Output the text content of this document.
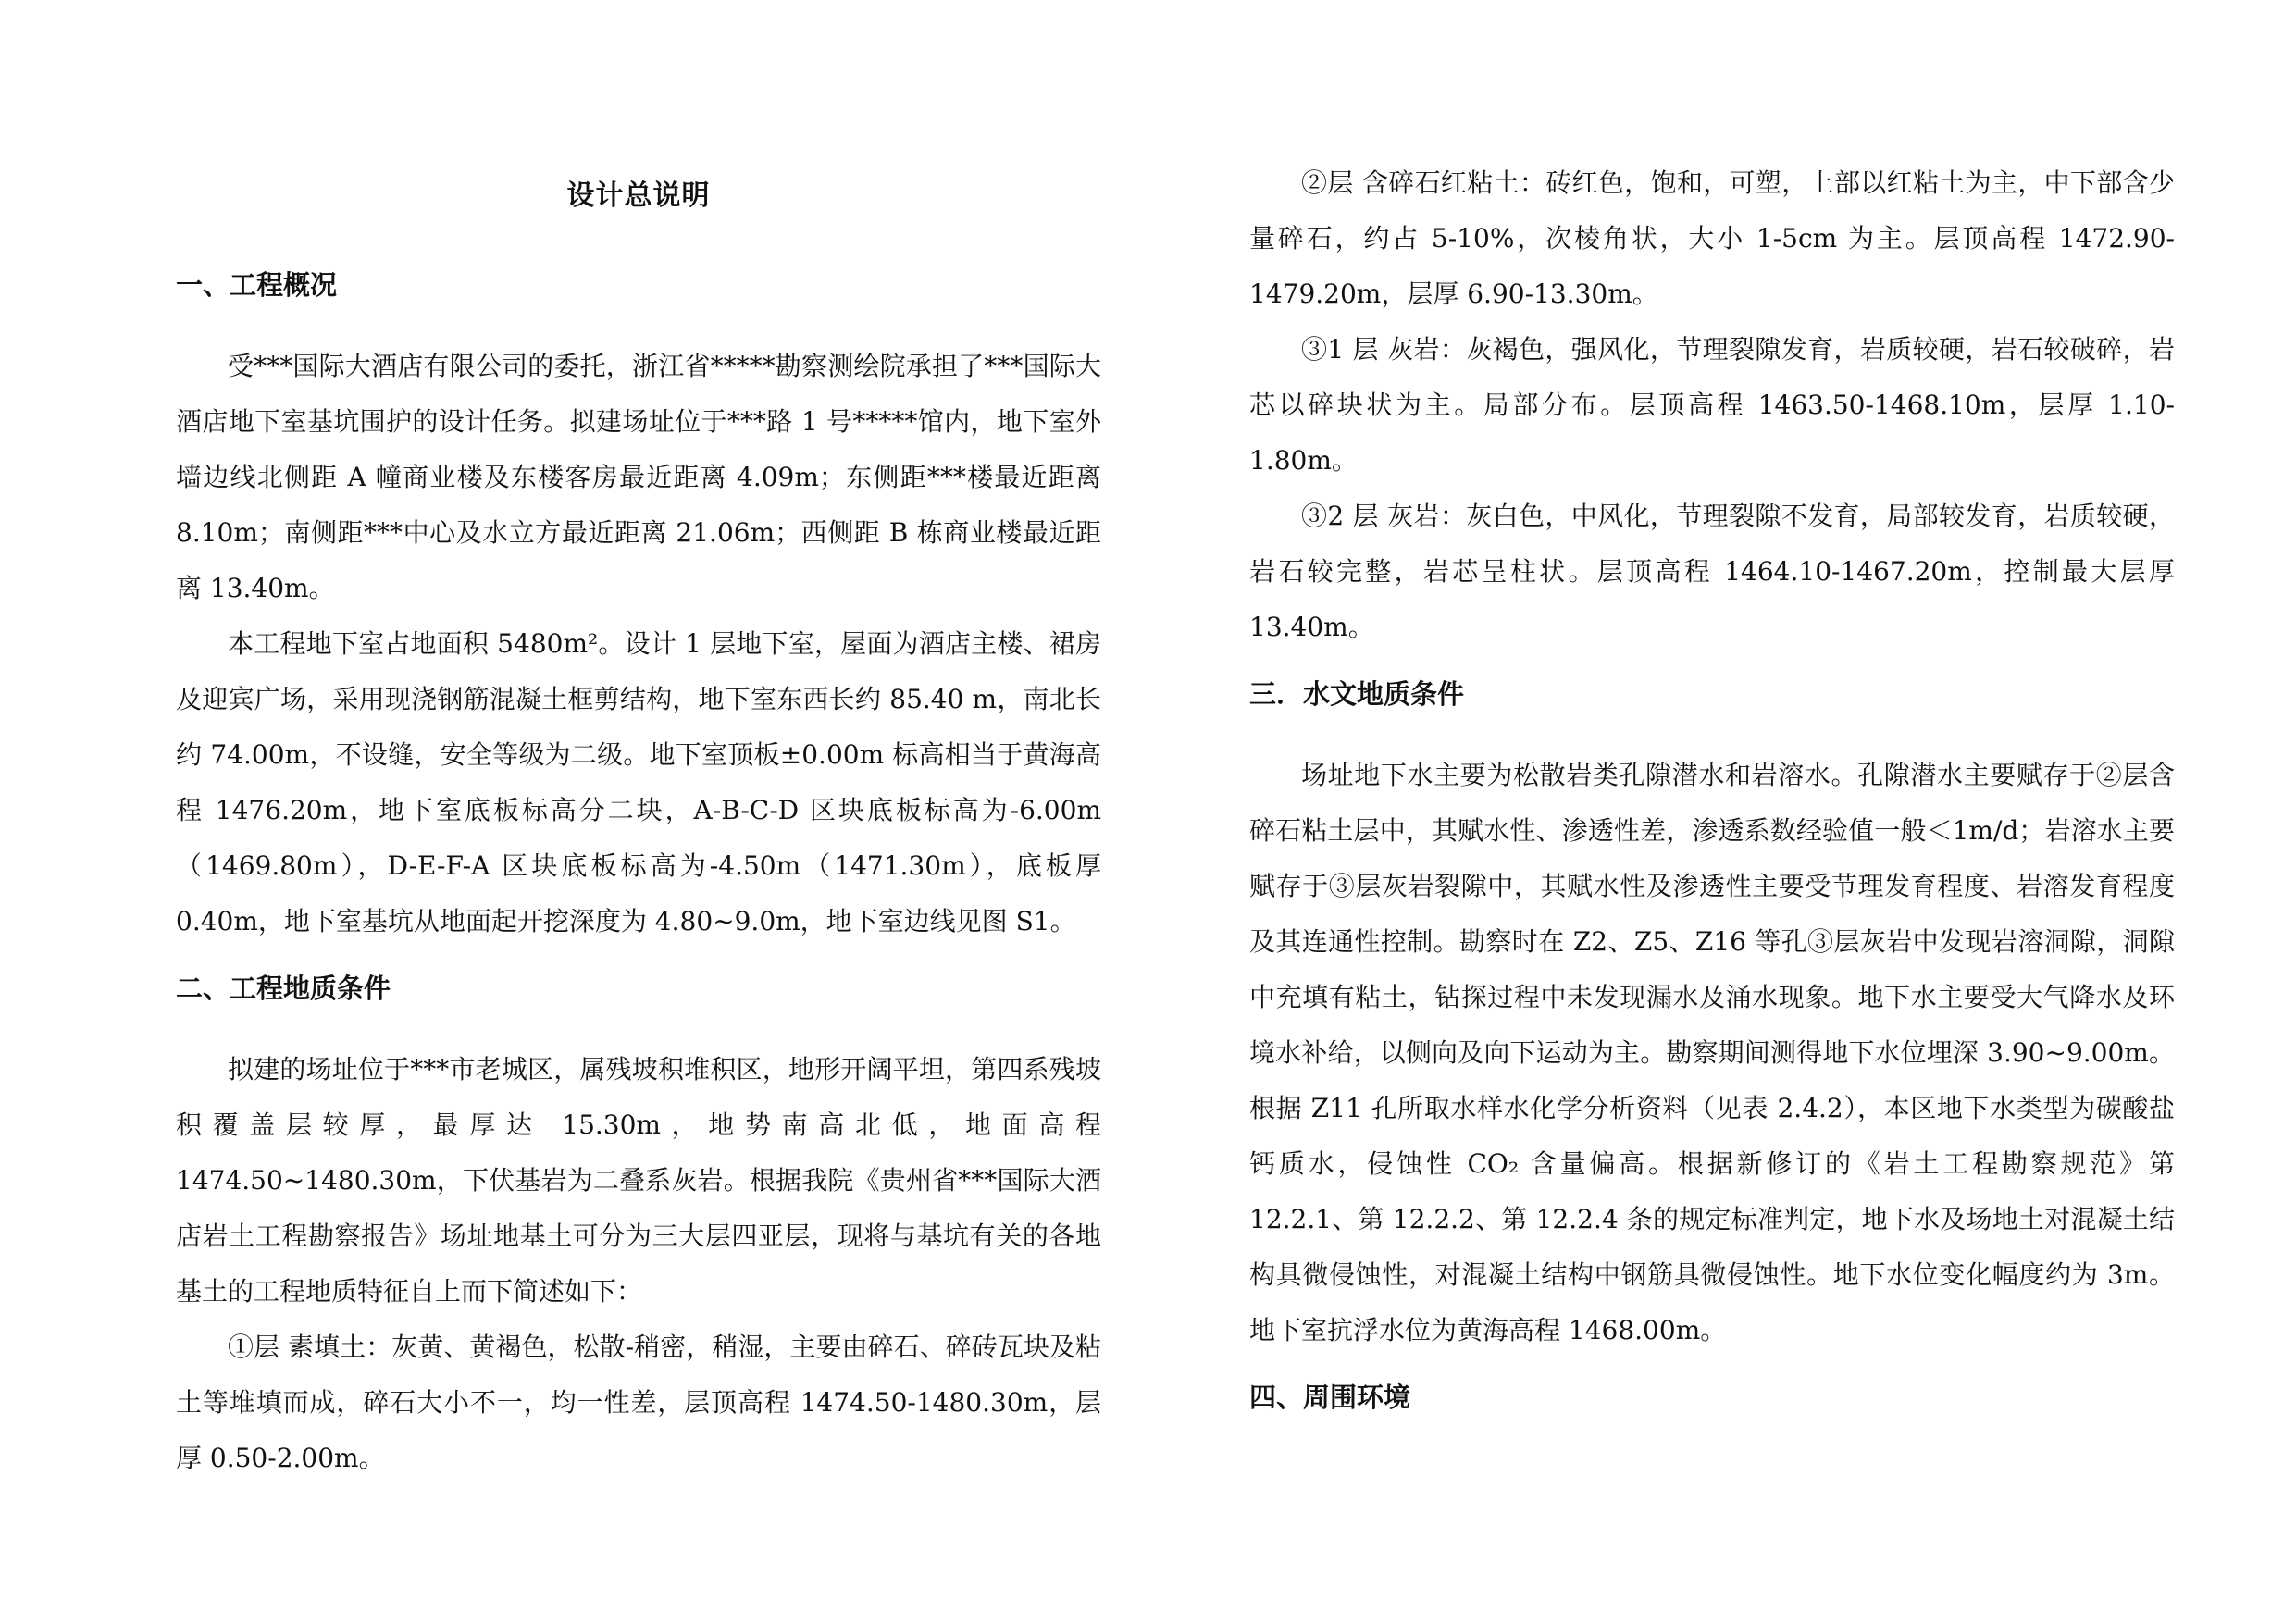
设计总说明
一、工程概况

受***国际大酒店有限公司的委托，浙江省*****勘察测绘院承担了***国际大酒店地下室基坑围护的设计任务。拟建场址位于***路 1 号*****馆内，地下室外墙边线北侧距 A 幢商业楼及东楼客房最近距离 4.09m；东侧距***楼最近距离 8.10m；南侧距***中心及水立方最近距离 21.06m；西侧距 B 栋商业楼最近距离 13.40m。

本工程地下室占地面积 5480m²。设计 1 层地下室，屋面为酒店主楼、裙房及迎宾广场，采用现浇钢筋混凝土框剪结构，地下室东西长约 85.40 m，南北长约 74.00m，不设缝，安全等级为二级。地下室顶板±0.00m 标高相当于黄海高程 1476.20m，地下室底板标高分二块，A-B-C-D 区块底板标高为-6.00m（1469.80m），D-E-F-A 区块底板标高为-4.50m（1471.30m），底板厚 0.40m，地下室基坑从地面起开挖深度为 4.80~9.0m，地下室边线见图 S1。

二、工程地质条件

拟建的场址位于***市老城区，属残坡积堆积区，地形开阔平坦，第四系残坡积覆盖层较厚，最厚达 15.30m，地势南高北低，地面高程 1474.50~1480.30m，下伏基岩为二叠系灰岩。根据我院《贵州省***国际大酒店岩土工程勘察报告》场址地基土可分为三大层四亚层，现将与基坑有关的各地基土的工程地质特征自上而下简述如下：

①层 素填土：灰黄、黄褐色，松散-稍密，稍湿，主要由碎石、碎砖瓦块及粘土等堆填而成，碎石大小不一，均一性差，层顶高程 1474.50-1480.30m，层厚 0.50-2.00m。

②层 含碎石红粘土：砖红色，饱和，可塑，上部以红粘土为主，中下部含少量碎石，约占 5-10%，次棱角状，大小 1-5cm 为主。层顶高程 1472.90-1479.20m，层厚 6.90-13.30m。

③1 层 灰岩：灰褐色，强风化，节理裂隙发育，岩质较硬，岩石较破碎，岩芯以碎块状为主。局部分布。层顶高程 1463.50-1468.10m，层厚 1.10-1.80m。

③2 层 灰岩：灰白色，中风化，节理裂隙不发育，局部较发育，岩质较硬，岩石较完整，岩芯呈柱状。层顶高程 1464.10-1467.20m，控制最大层厚 13.40m。

三．水文地质条件

场址地下水主要为松散岩类孔隙潜水和岩溶水。孔隙潜水主要赋存于②层含碎石粘土层中，其赋水性、渗透性差，渗透系数经验值一般＜1m/d；岩溶水主要赋存于③层灰岩裂隙中，其赋水性及渗透性主要受节理发育程度、岩溶发育程度及其连通性控制。勘察时在 Z2、Z5、Z16 等孔③层灰岩中发现岩溶洞隙，洞隙中充填有粘土，钻探过程中未发现漏水及涌水现象。地下水主要受大气降水及环境水补给，以侧向及向下运动为主。勘察期间测得地下水位埋深 3.90~9.00m。根据 Z11 孔所取水样水化学分析资料（见表 2.4.2），本区地下水类型为碳酸盐钙质水，侵蚀性 CO₂ 含量偏高。根据新修订的《岩土工程勘察规范》第 12.2.1、第 12.2.2、第 12.2.4 条的规定标准判定，地下水及场地土对混凝土结构具微侵蚀性，对混凝土结构中钢筋具微侵蚀性。地下水位变化幅度约为 3m。地下室抗浮水位为黄海高程 1468.00m。

四、周围环境
